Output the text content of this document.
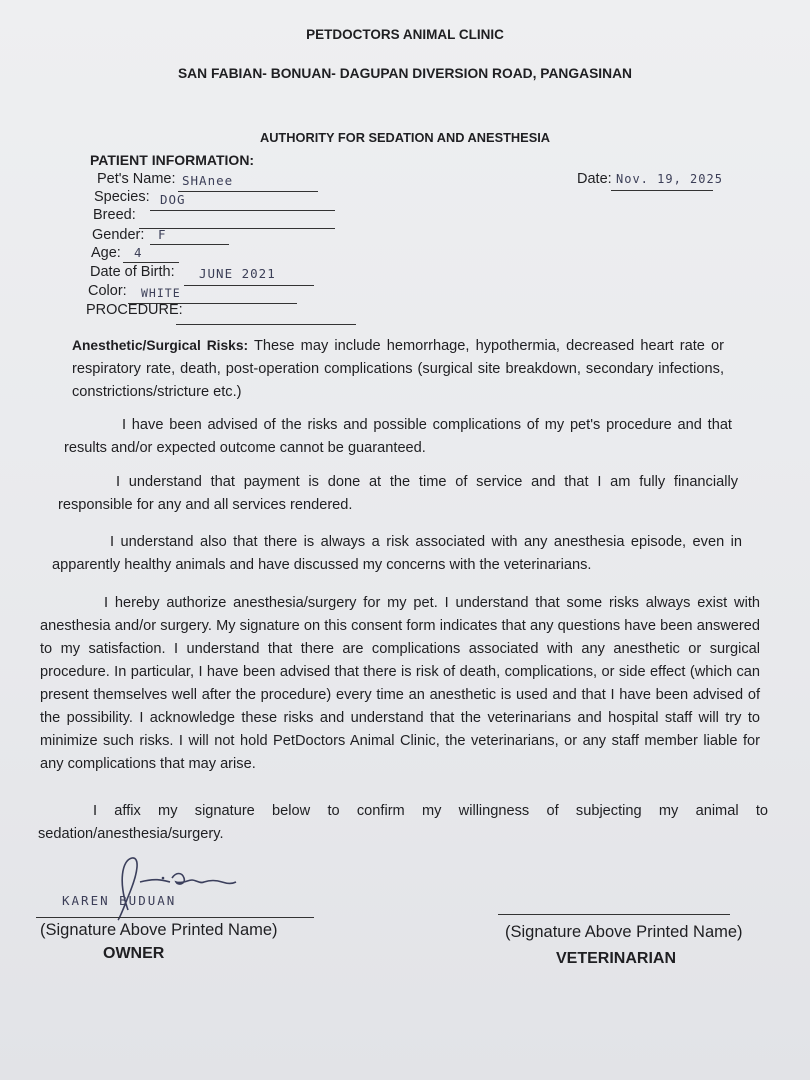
PETDOCTORS ANIMAL CLINIC
SAN FABIAN- BONUAN- DAGUPAN DIVERSION ROAD, PANGASINAN
AUTHORITY FOR SEDATION AND ANESTHESIA
PATIENT INFORMATION:
Pet's Name: SHAnee
Species: DOG
Breed:
Gender: F
Age: 4
Date of Birth: JUNE 2021
Color: WHITE
PROCEDURE:
Date: Nov. 19, 2025

Anesthetic/Surgical Risks: These may include hemorrhage, hypothermia, decreased heart rate or respiratory rate, death, post-operation complications (surgical site breakdown, secondary infections, constrictions/stricture etc.)

I have been advised of the risks and possible complications of my pet's procedure and that results and/or expected outcome cannot be guaranteed.

I understand that payment is done at the time of service and that I am fully financially responsible for any and all services rendered.

I understand also that there is always a risk associated with any anesthesia episode, even in apparently healthy animals and have discussed my concerns with the veterinarians.

I hereby authorize anesthesia/surgery for my pet. I understand that some risks always exist with anesthesia and/or surgery. My signature on this consent form indicates that any questions have been answered to my satisfaction. I understand that there are complications associated with any anesthetic or surgical procedure. In particular, I have been advised that there is risk of death, complications, or side effect (which can present themselves well after the procedure) every time an anesthetic is used and that I have been advised of the possibility. I acknowledge these risks and understand that the veterinarians and hospital staff will try to minimize such risks. I will not hold PetDoctors Animal Clinic, the veterinarians, or any staff member liable for any complications that may arise.

I affix my signature below to confirm my willingness of subjecting my animal to sedation/anesthesia/surgery.

KAREN BUDUAN
(Signature Above Printed Name)
OWNER
(Signature Above Printed Name)
VETERINARIAN
